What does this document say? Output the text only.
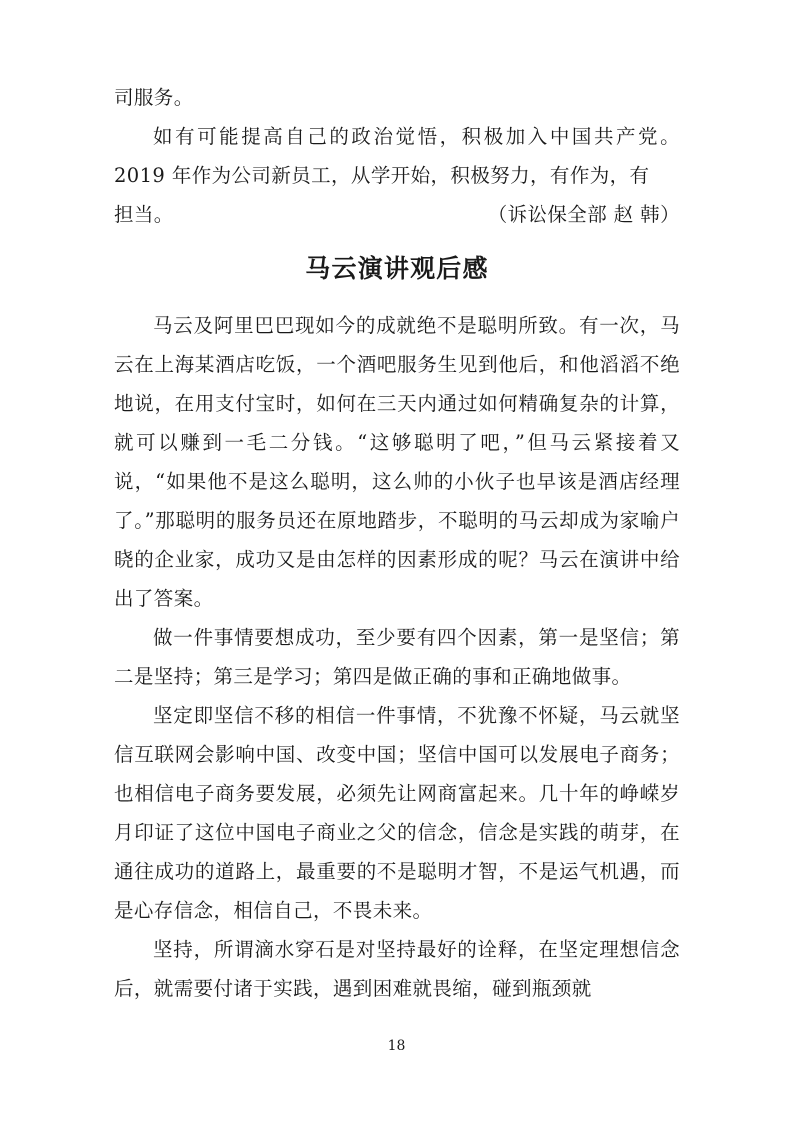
司服务。

如有可能提高自己的政治觉悟，积极加入中国共产党。2019 年作为公司新员工，从学开始，积极努力，有作为，有

担当。	（诉讼保全部 赵 韩）
马云演讲观后感

马云及阿里巴巴现如今的成就绝不是聪明所致。有一次，马云在上海某酒店吃饭，一个酒吧服务生见到他后，和他滔滔不绝地说，在用支付宝时，如何在三天内通过如何精确复杂的计算，就可以赚到一毛二分钱。“这够聪明了吧，”但马云紧接着又说，“如果他不是这么聪明，这么帅的小伙子也早该是酒店经理了。”那聪明的服务员还在原地踏步，不聪明的马云却成为家喻户晓的企业家，成功又是由怎样的因素形成的呢？马云在演讲中给出了答案。

做一件事情要想成功，至少要有四个因素，第一是坚信；第二是坚持；第三是学习；第四是做正确的事和正确地做事。

坚定即坚信不移的相信一件事情，不犹豫不怀疑，马云就坚信互联网会影响中国、改变中国；坚信中国可以发展电子商务；也相信电子商务要发展，必须先让网商富起来。几十年的峥嵘岁月印证了这位中国电子商业之父的信念，信念是实践的萌芽，在通往成功的道路上，最重要的不是聪明才智，不是运气机遇，而是心存信念，相信自己，不畏未来。

坚持，所谓滴水穿石是对坚持最好的诠释，在坚定理想信念后，就需要付诸于实践，遇到困难就畏缩，碰到瓶颈就

18
